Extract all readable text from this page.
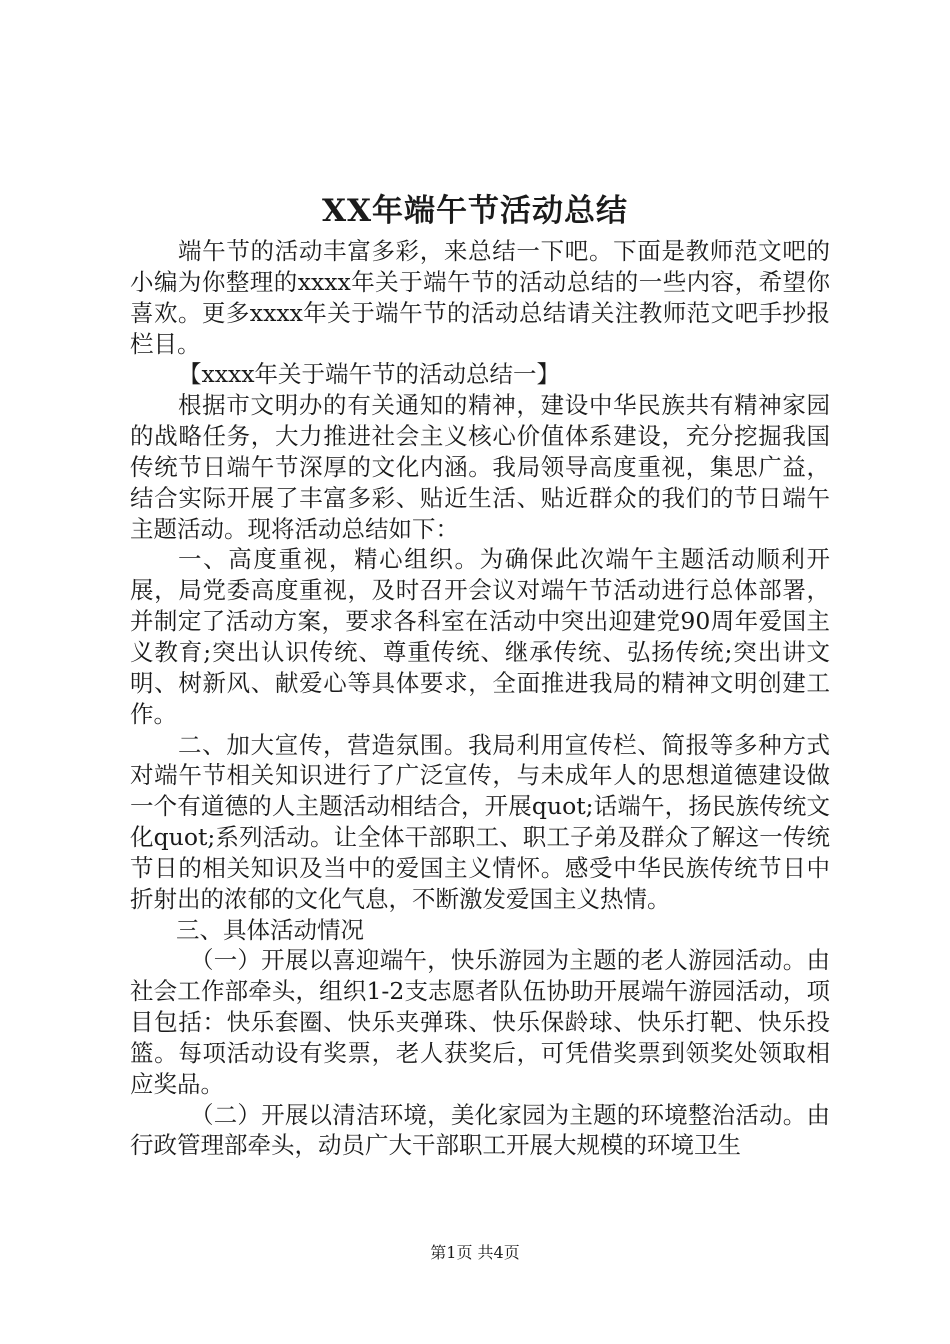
XX年端午节活动总结

端午节的活动丰富多彩，来总结一下吧。下面是教师范文吧的小编为你整理的xxxx年关于端午节的活动总结的一些内容，希望你喜欢。更多xxxx年关于端午节的活动总结请关注教师范文吧手抄报栏目。

【xxxx年关于端午节的活动总结一】

根据市文明办的有关通知的精神，建设中华民族共有精神家园的战略任务，大力推进社会主义核心价值体系建设，充分挖掘我国传统节日端午节深厚的文化内涵。我局领导高度重视，集思广益，结合实际开展了丰富多彩、贴近生活、贴近群众的我们的节日端午主题活动。现将活动总结如下：

一、高度重视，精心组织。为确保此次端午主题活动顺利开展，局党委高度重视，及时召开会议对端午节活动进行总体部署，并制定了活动方案，要求各科室在活动中突出迎建党90周年爱国主义教育;突出认识传统、尊重传统、继承传统、弘扬传统;突出讲文明、树新风、献爱心等具体要求，全面推进我局的精神文明创建工作。

二、加大宣传，营造氛围。我局利用宣传栏、简报等多种方式对端午节相关知识进行了广泛宣传，与未成年人的思想道德建设做一个有道德的人主题活动相结合，开展quot;话端午，扬民族传统文化quot;系列活动。让全体干部职工、职工子弟及群众了解这一传统节日的相关知识及当中的爱国主义情怀。感受中华民族传统节日中折射出的浓郁的文化气息，不断激发爱国主义热情。

三、具体活动情况

（一）开展以喜迎端午，快乐游园为主题的老人游园活动。由社会工作部牵头，组织1-2支志愿者队伍协助开展端午游园活动，项目包括：快乐套圈、快乐夹弹珠、快乐保龄球、快乐打靶、快乐投篮。每项活动设有奖票，老人获奖后，可凭借奖票到领奖处领取相应奖品。

（二）开展以清洁环境，美化家园为主题的环境整治活动。由行政管理部牵头，动员广大干部职工开展大规模的环境卫生

第1页 共4页
